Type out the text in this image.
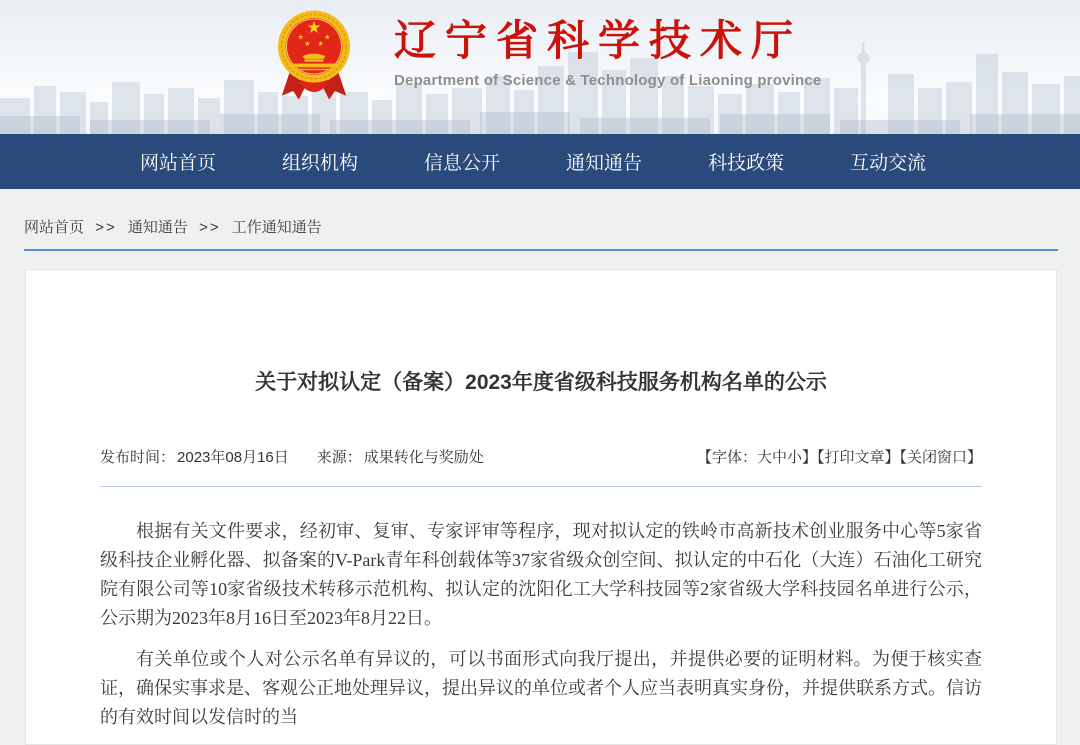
辽宁省科学技术厅
Department of Science & Technology of Liaoning province
网站首页	组织机构	信息公开	通知通告	科技政策	互动交流
网站首页 >> 通知通告 >> 工作通知通告
关于对拟认定（备案）2023年度省级科技服务机构名单的公示
发布时间： 2023年08月16日 来源： 成果转化与奖励处	【字体：大中小】【打印文章】【关闭窗口】

根据有关文件要求，经初审、复审、专家评审等程序，现对拟认定的铁岭市高新技术创业服务中心等5家省级科技企业孵化器、拟备案的V-Park青年科创载体等37家省级众创空间、拟认定的中石化（大连）石油化工研究院有限公司等10家省级技术转移示范机构、拟认定的沈阳化工大学科技园等2家省级大学科技园名单进行公示，公示期为2023年8月16日至2023年8月22日。

有关单位或个人对公示名单有异议的，可以书面形式向我厅提出，并提供必要的证明材料。为便于核实查证，确保实事求是、客观公正地处理异议，提出异议的单位或者个人应当表明真实身份，并提供联系方式。信访的有效时间以发信时的当
